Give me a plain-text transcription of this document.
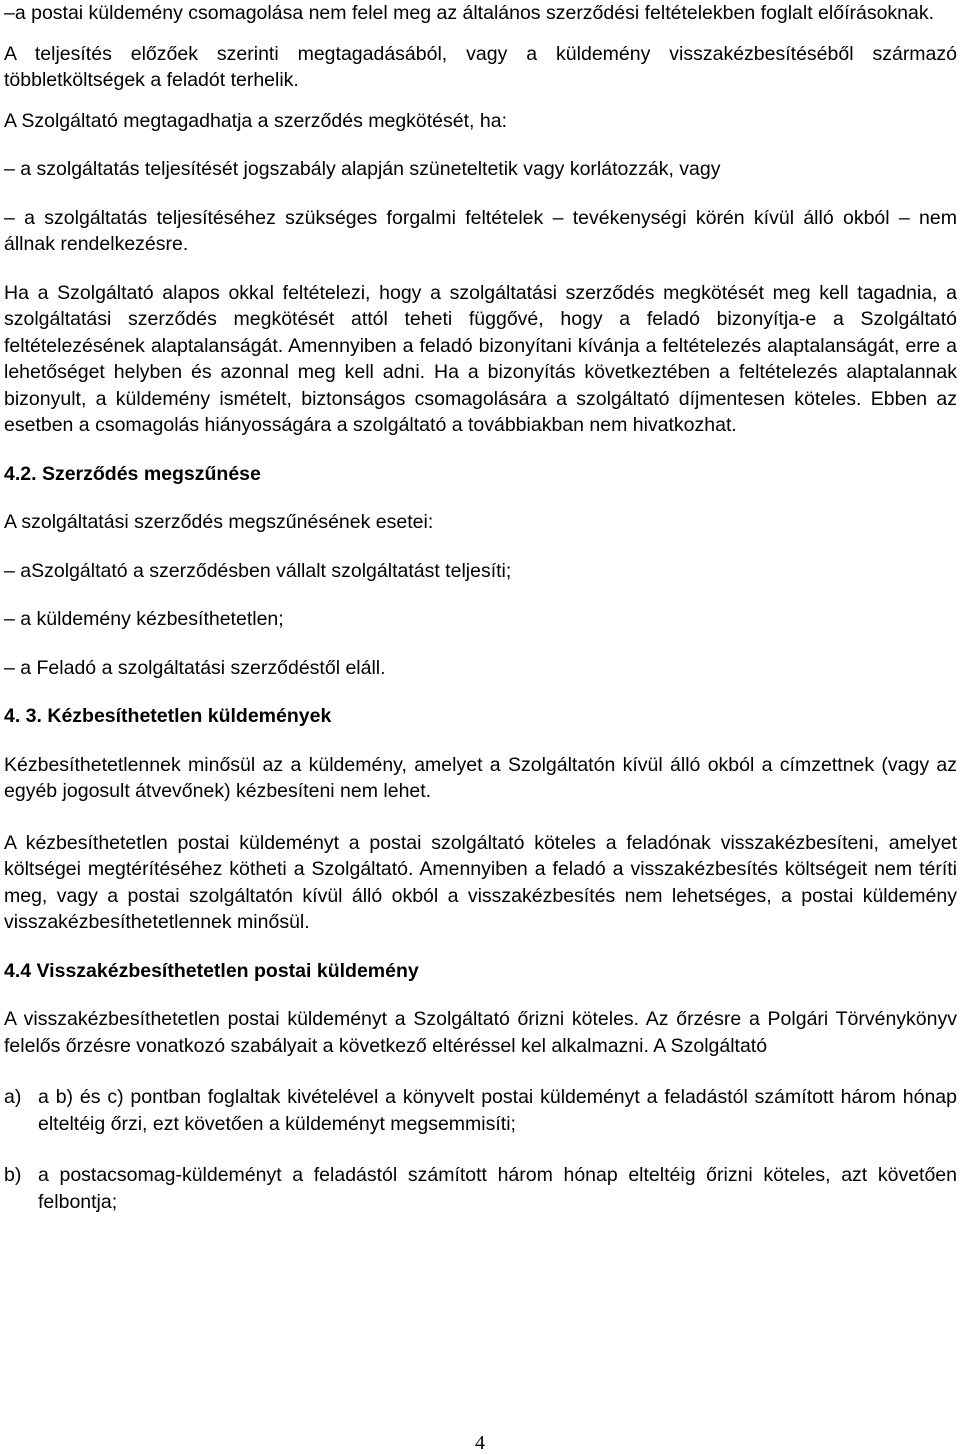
–a postai küldemény csomagolása nem felel meg az általános szerződési feltételekben foglalt előírásoknak.

A teljesítés előzőek szerinti megtagadásából, vagy a küldemény visszakézbesítéséből származó többletköltségek a feladót terhelik.

A Szolgáltató megtagadhatja a szerződés megkötését, ha:

– a szolgáltatás teljesítését jogszabály alapján szüneteltetik vagy korlátozzák, vagy

– a szolgáltatás teljesítéséhez szükséges forgalmi feltételek – tevékenységi körén kívül álló okból – nem állnak rendelkezésre.

Ha a Szolgáltató alapos okkal feltételezi, hogy a szolgáltatási szerződés megkötését meg kell tagadnia, a szolgáltatási szerződés megkötését attól teheti függővé, hogy a feladó bizonyítja-e a Szolgáltató feltételezésének alaptalanságát. Amennyiben a feladó bizonyítani kívánja a feltételezés alaptalanságát, erre a lehetőséget helyben és azonnal meg kell adni. Ha a bizonyítás következtében a feltételezés alaptalannak bizonyult, a küldemény ismételt, biztonságos csomagolására a szolgáltató díjmentesen köteles. Ebben az esetben a csomagolás hiányosságára a szolgáltató a továbbiakban nem hivatkozhat.

4.2. Szerződés megszűnése

A szolgáltatási szerződés megszűnésének esetei:

– aSzolgáltató a szerződésben vállalt szolgáltatást teljesíti;

– a küldemény kézbesíthetetlen;

– a Feladó a szolgáltatási szerződéstől eláll.

4. 3. Kézbesíthetetlen küldemények

Kézbesíthetetlennek minősül az a küldemény, amelyet a Szolgáltatón kívül álló okból a címzettnek (vagy az egyéb jogosult átvevőnek) kézbesíteni nem lehet.

A kézbesíthetetlen postai küldeményt a postai szolgáltató köteles a feladónak visszakézbesíteni, amelyet költségei megtérítéséhez kötheti a Szolgáltató. Amennyiben a feladó a visszakézbesítés költségeit nem téríti meg, vagy a postai szolgáltatón kívül álló okból a visszakézbesítés nem lehetséges, a postai küldemény visszakézbesíthetetlennek minősül.

4.4 Visszakézbesíthetetlen postai küldemény

A visszakézbesíthetetlen postai küldeményt a Szolgáltató őrizni köteles. Az őrzésre a Polgári Törvénykönyv felelős őrzésre vonatkozó szabályait a következő eltéréssel kel alkalmazni. A Szolgáltató

a) a b) és c) pontban foglaltak kivételével a könyvelt postai küldeményt a feladástól számított három hónap elteltéig őrzi, ezt követően a küldeményt megsemmisíti;
b) a postacsomag-küldeményt a feladástól számított három hónap elteltéig őrizni köteles, azt követően felbontja;
4
